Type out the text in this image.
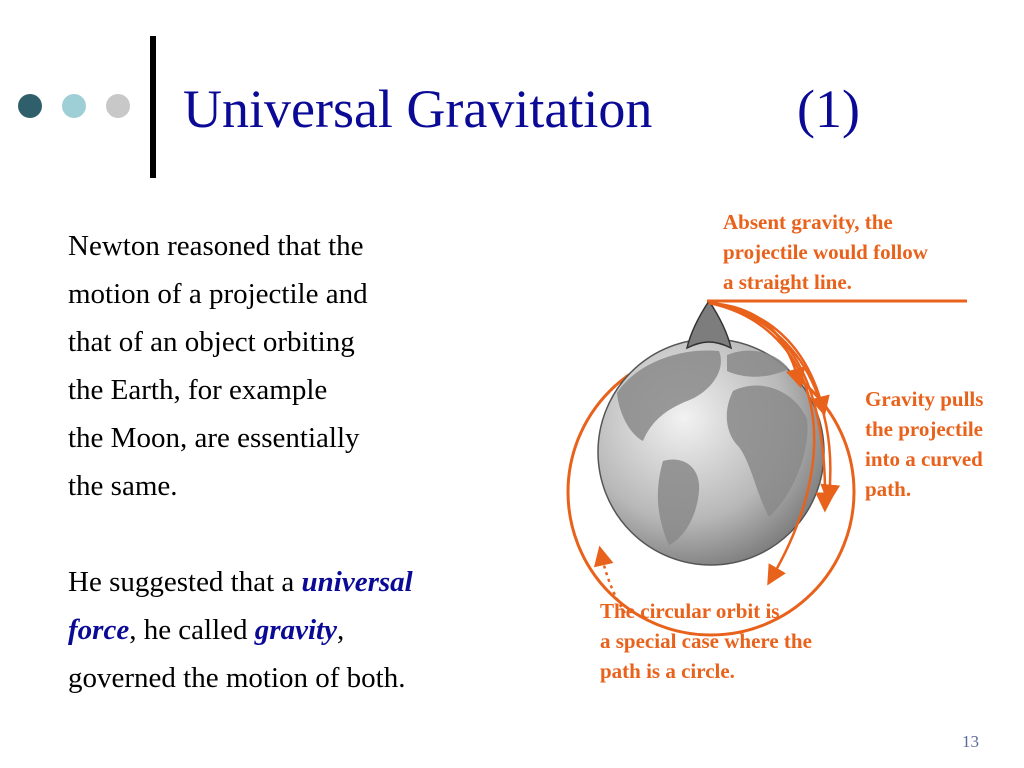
Universal Gravitation	(1)

Newton reasoned that the
motion of a projectile and
that of an object orbiting
the Earth, for example
the Moon, are essentially
the same.

He suggested that a universal
force, he called gravity,
governed the motion of both.

Absent gravity, the
projectile would follow
a straight line.

Gravity pulls
the projectile
into a curved
path.

The circular orbit is
a special case where the
path is a circle.

13
